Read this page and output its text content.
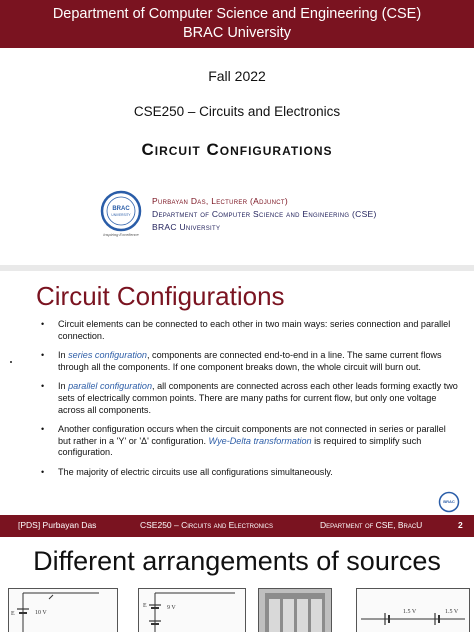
Department of Computer Science and Engineering (CSE)
BRAC University
Fall 2022
CSE250 – Circuits and Electronics
Circuit Configurations
BRAC
UNIVERSITY
Inspiring Excellence
Purbayan Das, Lecturer (Adjunct)
Department of Computer Science and Engineering (CSE)
BRAC University
Circuit Configurations
• Circuit elements can be connected to each other in two main ways: series connection and parallel connection.
• In series configuration, components are connected end-to-end in a line. The same current flows through all the components. If one component breaks down, the whole circuit will burn out.
• In parallel configuration, all components are connected across each other leads forming exactly two sets of electrically common points. There are many paths for current flow, but only one voltage across all components.
• Another configuration occurs when the circuit components are not connected in series or parallel but rather in a 'Y' or 'Δ' configuration. Wye-Delta transformation is required to simplify such configuration.
• The majority of electric circuits use all configurations simultaneously.
BRAC
[PDS] Purbayan Das	CSE250 – Circuits and Electronics	Department of CSE, BracU	2
Different arrangements of sources
10 V
E
9 V
E
1.5 V	1.5 V
